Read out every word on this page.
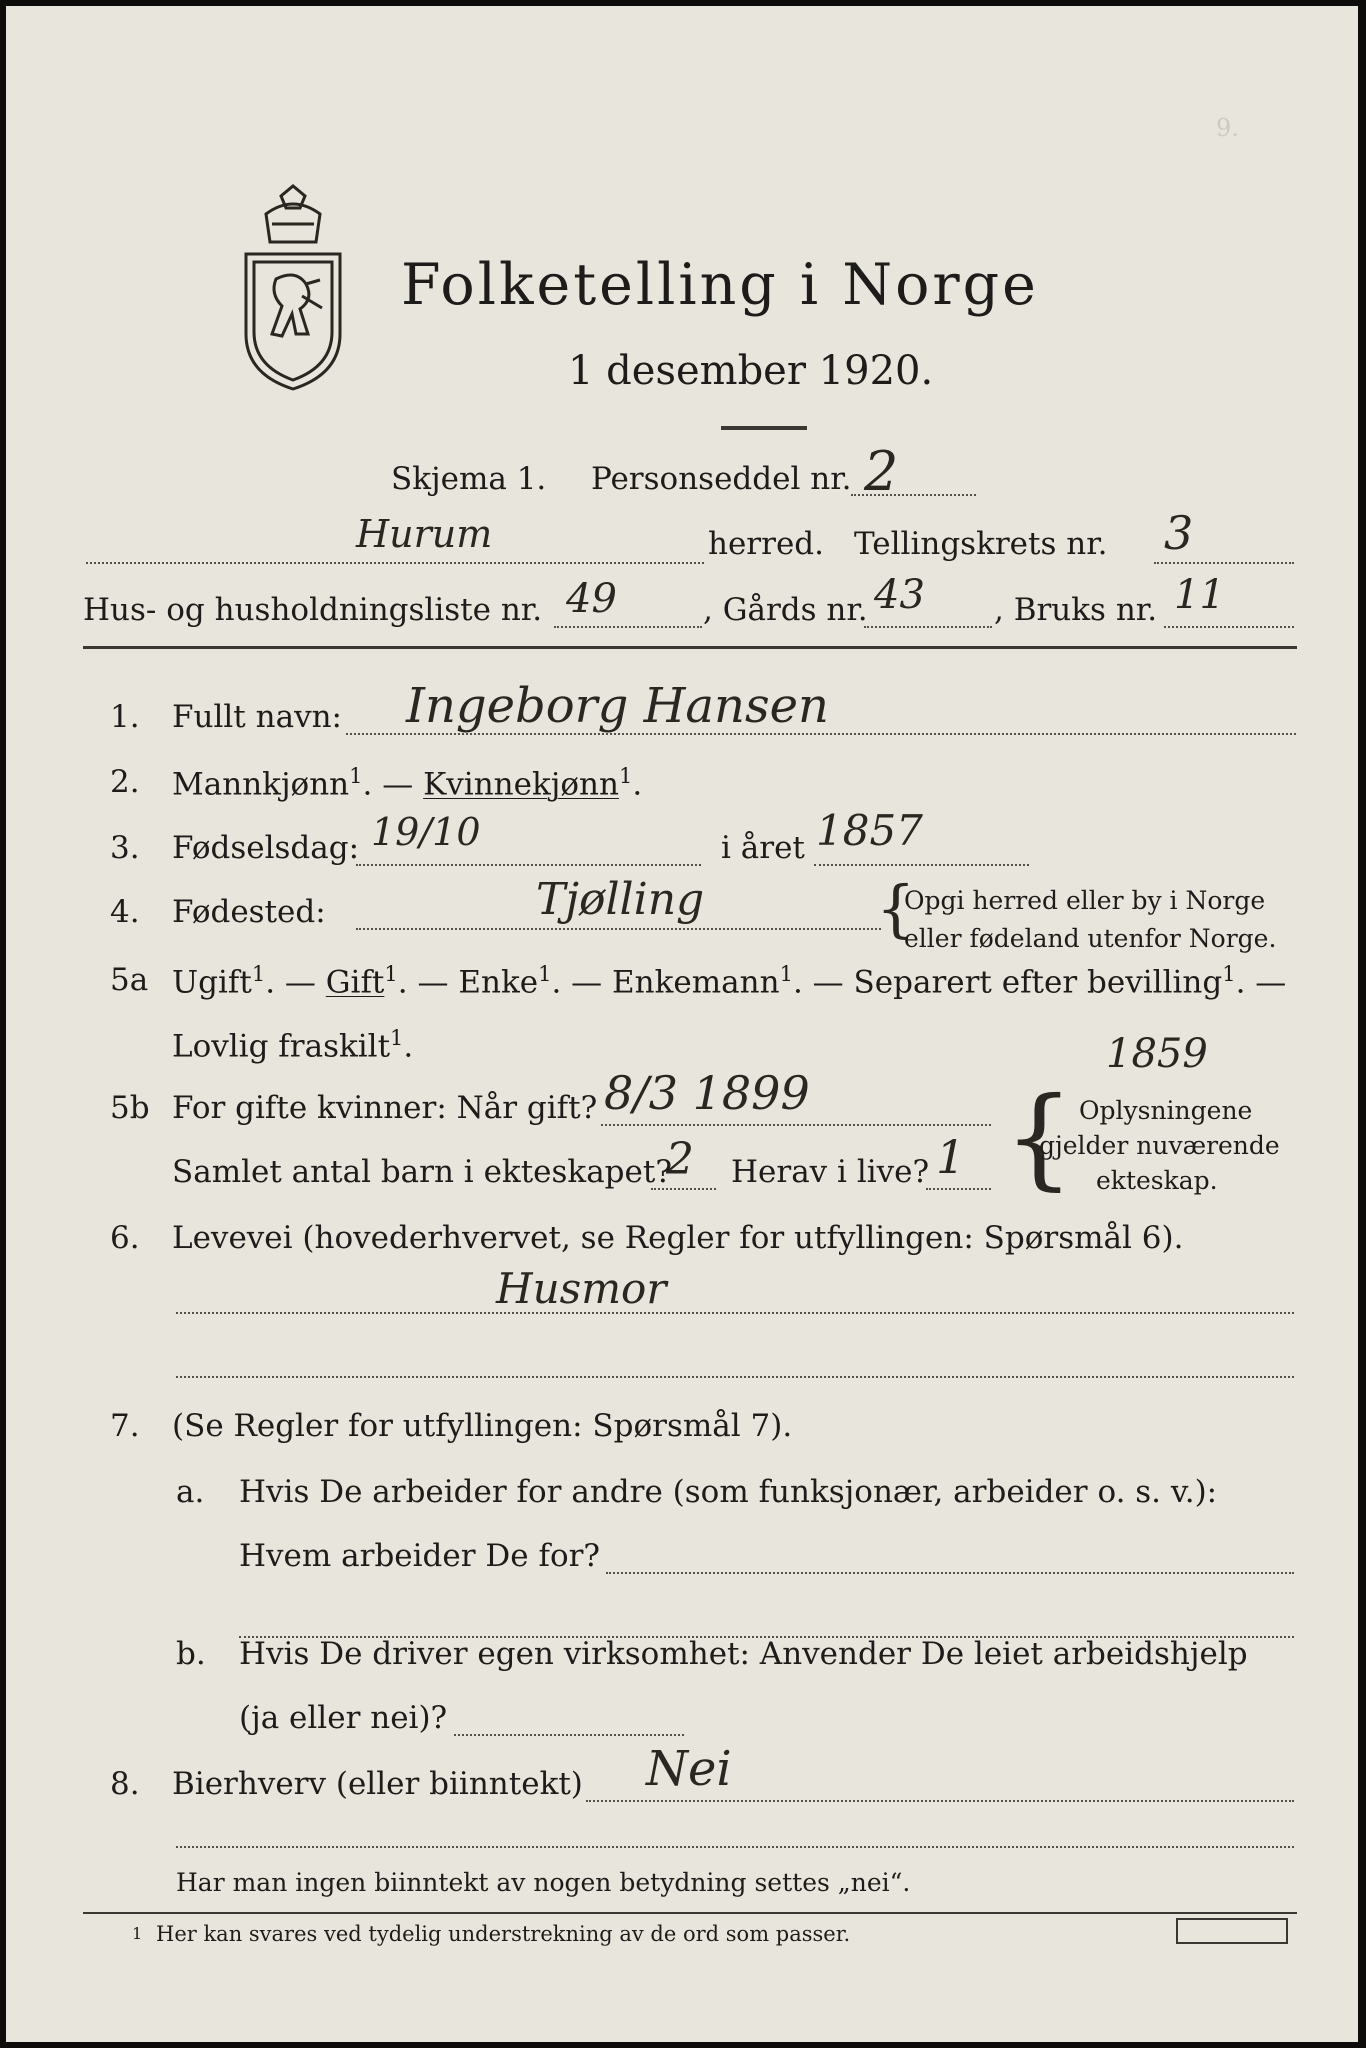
9.
Folketelling i Norge
1 desember 1920.
Skjema 1. Personseddel nr. 2
Hurum	herred. Tellingskrets nr. 3
Hus- og husholdningsliste nr. 49	, Gårds nr. 43 , Bruks nr. 11
1. Fullt navn: Ingeborg Hansen
2. Mannkjønn$^1$. — Kvinnekjønn$^1$.
3. Fødselsdag: 19/10	i året 1857
4. Fødested:	Tjølling	{
Opgi herred eller by i Norge
eller fødeland utenfor Norge.
5a Ugift$^1$. — Gift$^1$. — Enke$^1$. — Enkemann$^1$. — Separert efter bevilling$^1$. —
Lovlig fraskilt$^1$.	1859
5b For gifte kvinner: Når gift? 8/3 1899
Samlet antal barn i ekteskapet?
2 Herav i live? 1 { Oplysningene
gjelder nuværende
ekteskap.
6. Levevei (hovederhvervet, se Regler for utfyllingen: Spørsmål 6).
Husmor
7. (Se Regler for utfyllingen: Spørsmål 7).
a. Hvis De arbeider for andre (som funksjonær, arbeider o. s. v.):
Hvem arbeider De for?
b. Hvis De driver egen virksomhet: Anvender De leiet arbeidshjelp
(ja eller nei)?
8. Bierhverv (eller biinntekt) Nei
Har man ingen biinntekt av nogen betydning settes „nei“.
1 Her kan svares ved tydelig understrekning av de ord som passer.
